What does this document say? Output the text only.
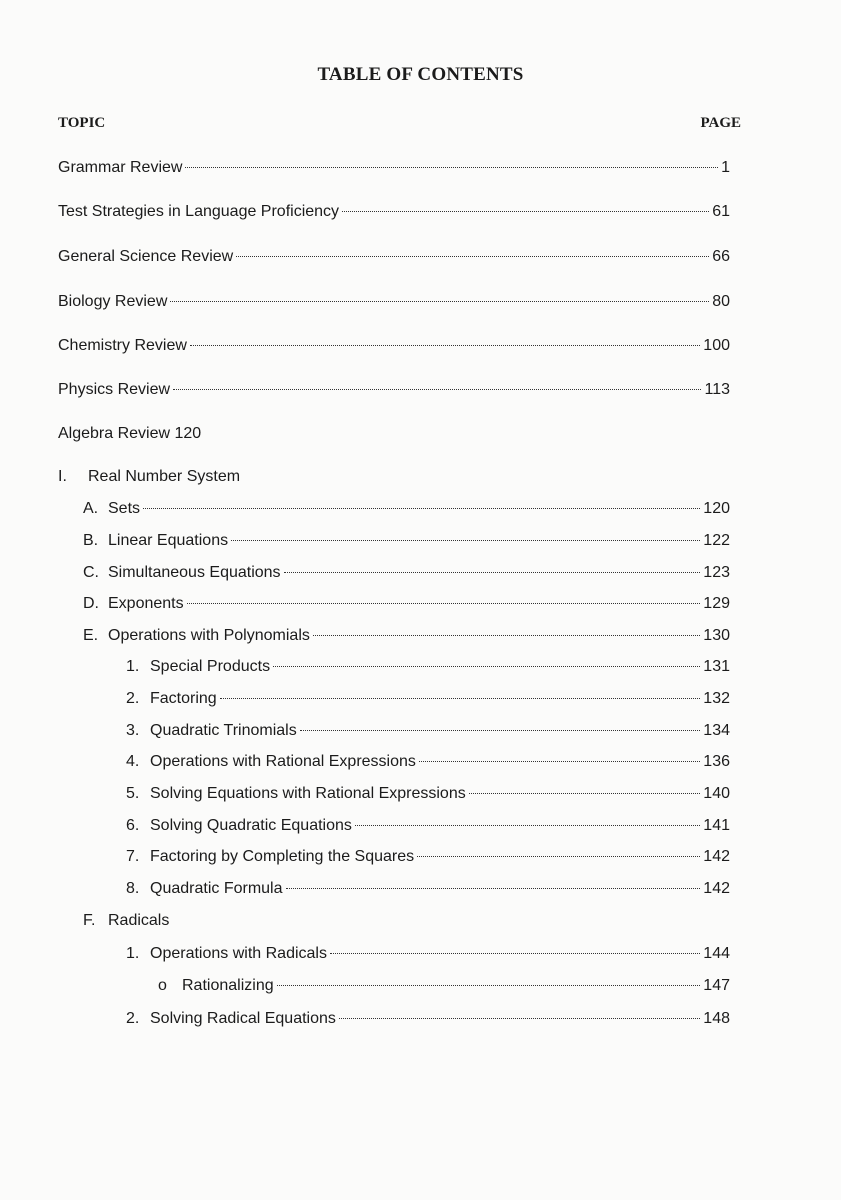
TABLE OF CONTENTS
TOPIC	PAGE
Grammar Review	1
Test Strategies in Language Proficiency	61
General Science Review	66
Biology Review	80
Chemistry Review	100
Physics Review	113
Algebra Review 120
I.	Real Number System
A. Sets	120
B. Linear Equations	122
C. Simultaneous Equations	123
D. Exponents	129
E. Operations with Polynomials	130
1. Special Products	131
2. Factoring	132
3. Quadratic Trinomials	134
4. Operations with Rational Expressions	136
5. Solving Equations with Rational Expressions	140
6. Solving Quadratic Equations	141
7. Factoring by Completing the Squares	142
8. Quadratic Formula	142
F. Radicals
1. Operations with Radicals	144
o Rationalizing	147
2. Solving Radical Equations	148
